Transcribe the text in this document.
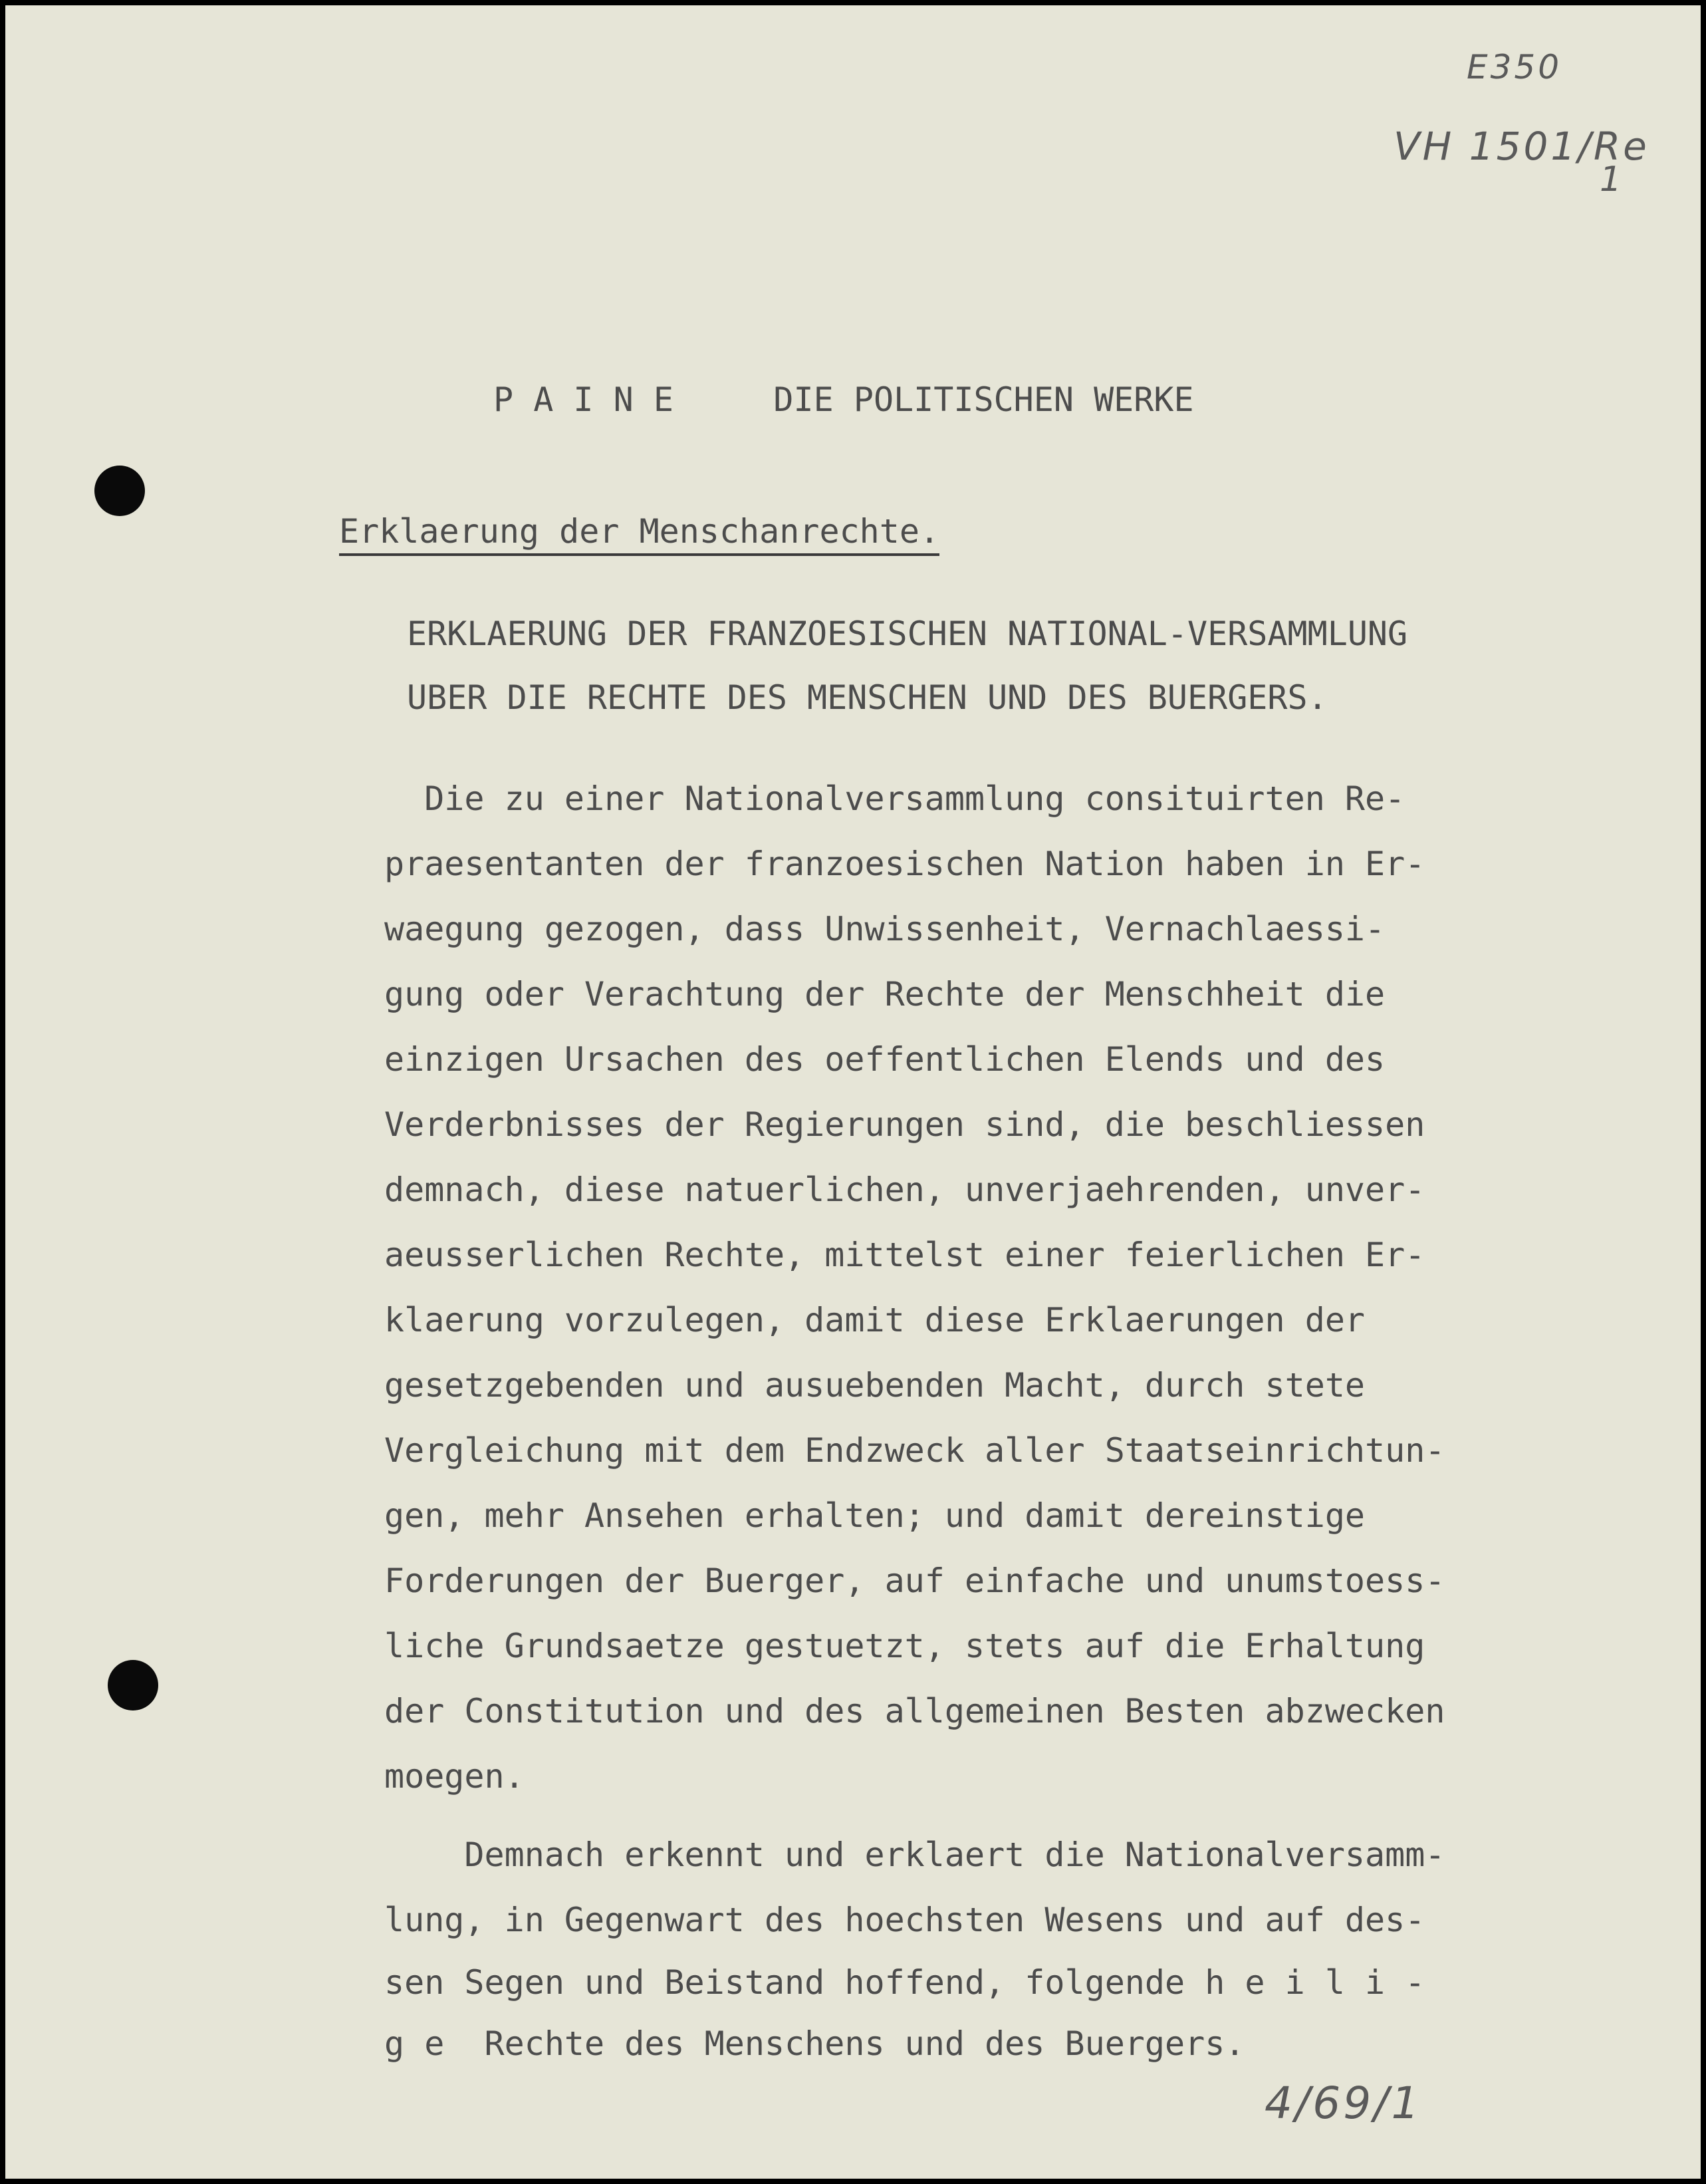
E350

VH 1501/Re

1

P A I N E     DIE POLITISCHEN WERKE

Erklaerung der Menschanrechte.

ERKLAERUNG DER FRANZOESISCHEN NATIONAL-VERSAMMLUNG

UBER DIE RECHTE DES MENSCHEN UND DES BUERGERS.

Die zu einer Nationalversammlung consituirten Re-

praesentanten der franzoesischen Nation haben in Er-

waegung gezogen, dass Unwissenheit, Vernachlaessi-

gung oder Verachtung der Rechte der Menschheit die

einzigen Ursachen des oeffentlichen Elends und des

Verderbnisses der Regierungen sind, die beschliessen

demnach, diese natuerlichen, unverjaehrenden, unver-

aeusserlichen Rechte, mittelst einer feierlichen Er-

klaerung vorzulegen, damit diese Erklaerungen der

gesetzgebenden und ausuebenden Macht, durch stete

Vergleichung mit dem Endzweck aller Staatseinrichtun-

gen, mehr Ansehen erhalten; und damit dereinstige

Forderungen der Buerger, auf einfache und unumstoess-

liche Grundsaetze gestuetzt, stets auf die Erhaltung

der Constitution und des allgemeinen Besten abzwecken

moegen.

Demnach erkennt und erklaert die Nationalversamm-

lung, in Gegenwart des hoechsten Wesens und auf des-

sen Segen und Beistand hoffend, folgende h e i l i -

g e  Rechte des Menschens und des Buergers.

4/69/1
